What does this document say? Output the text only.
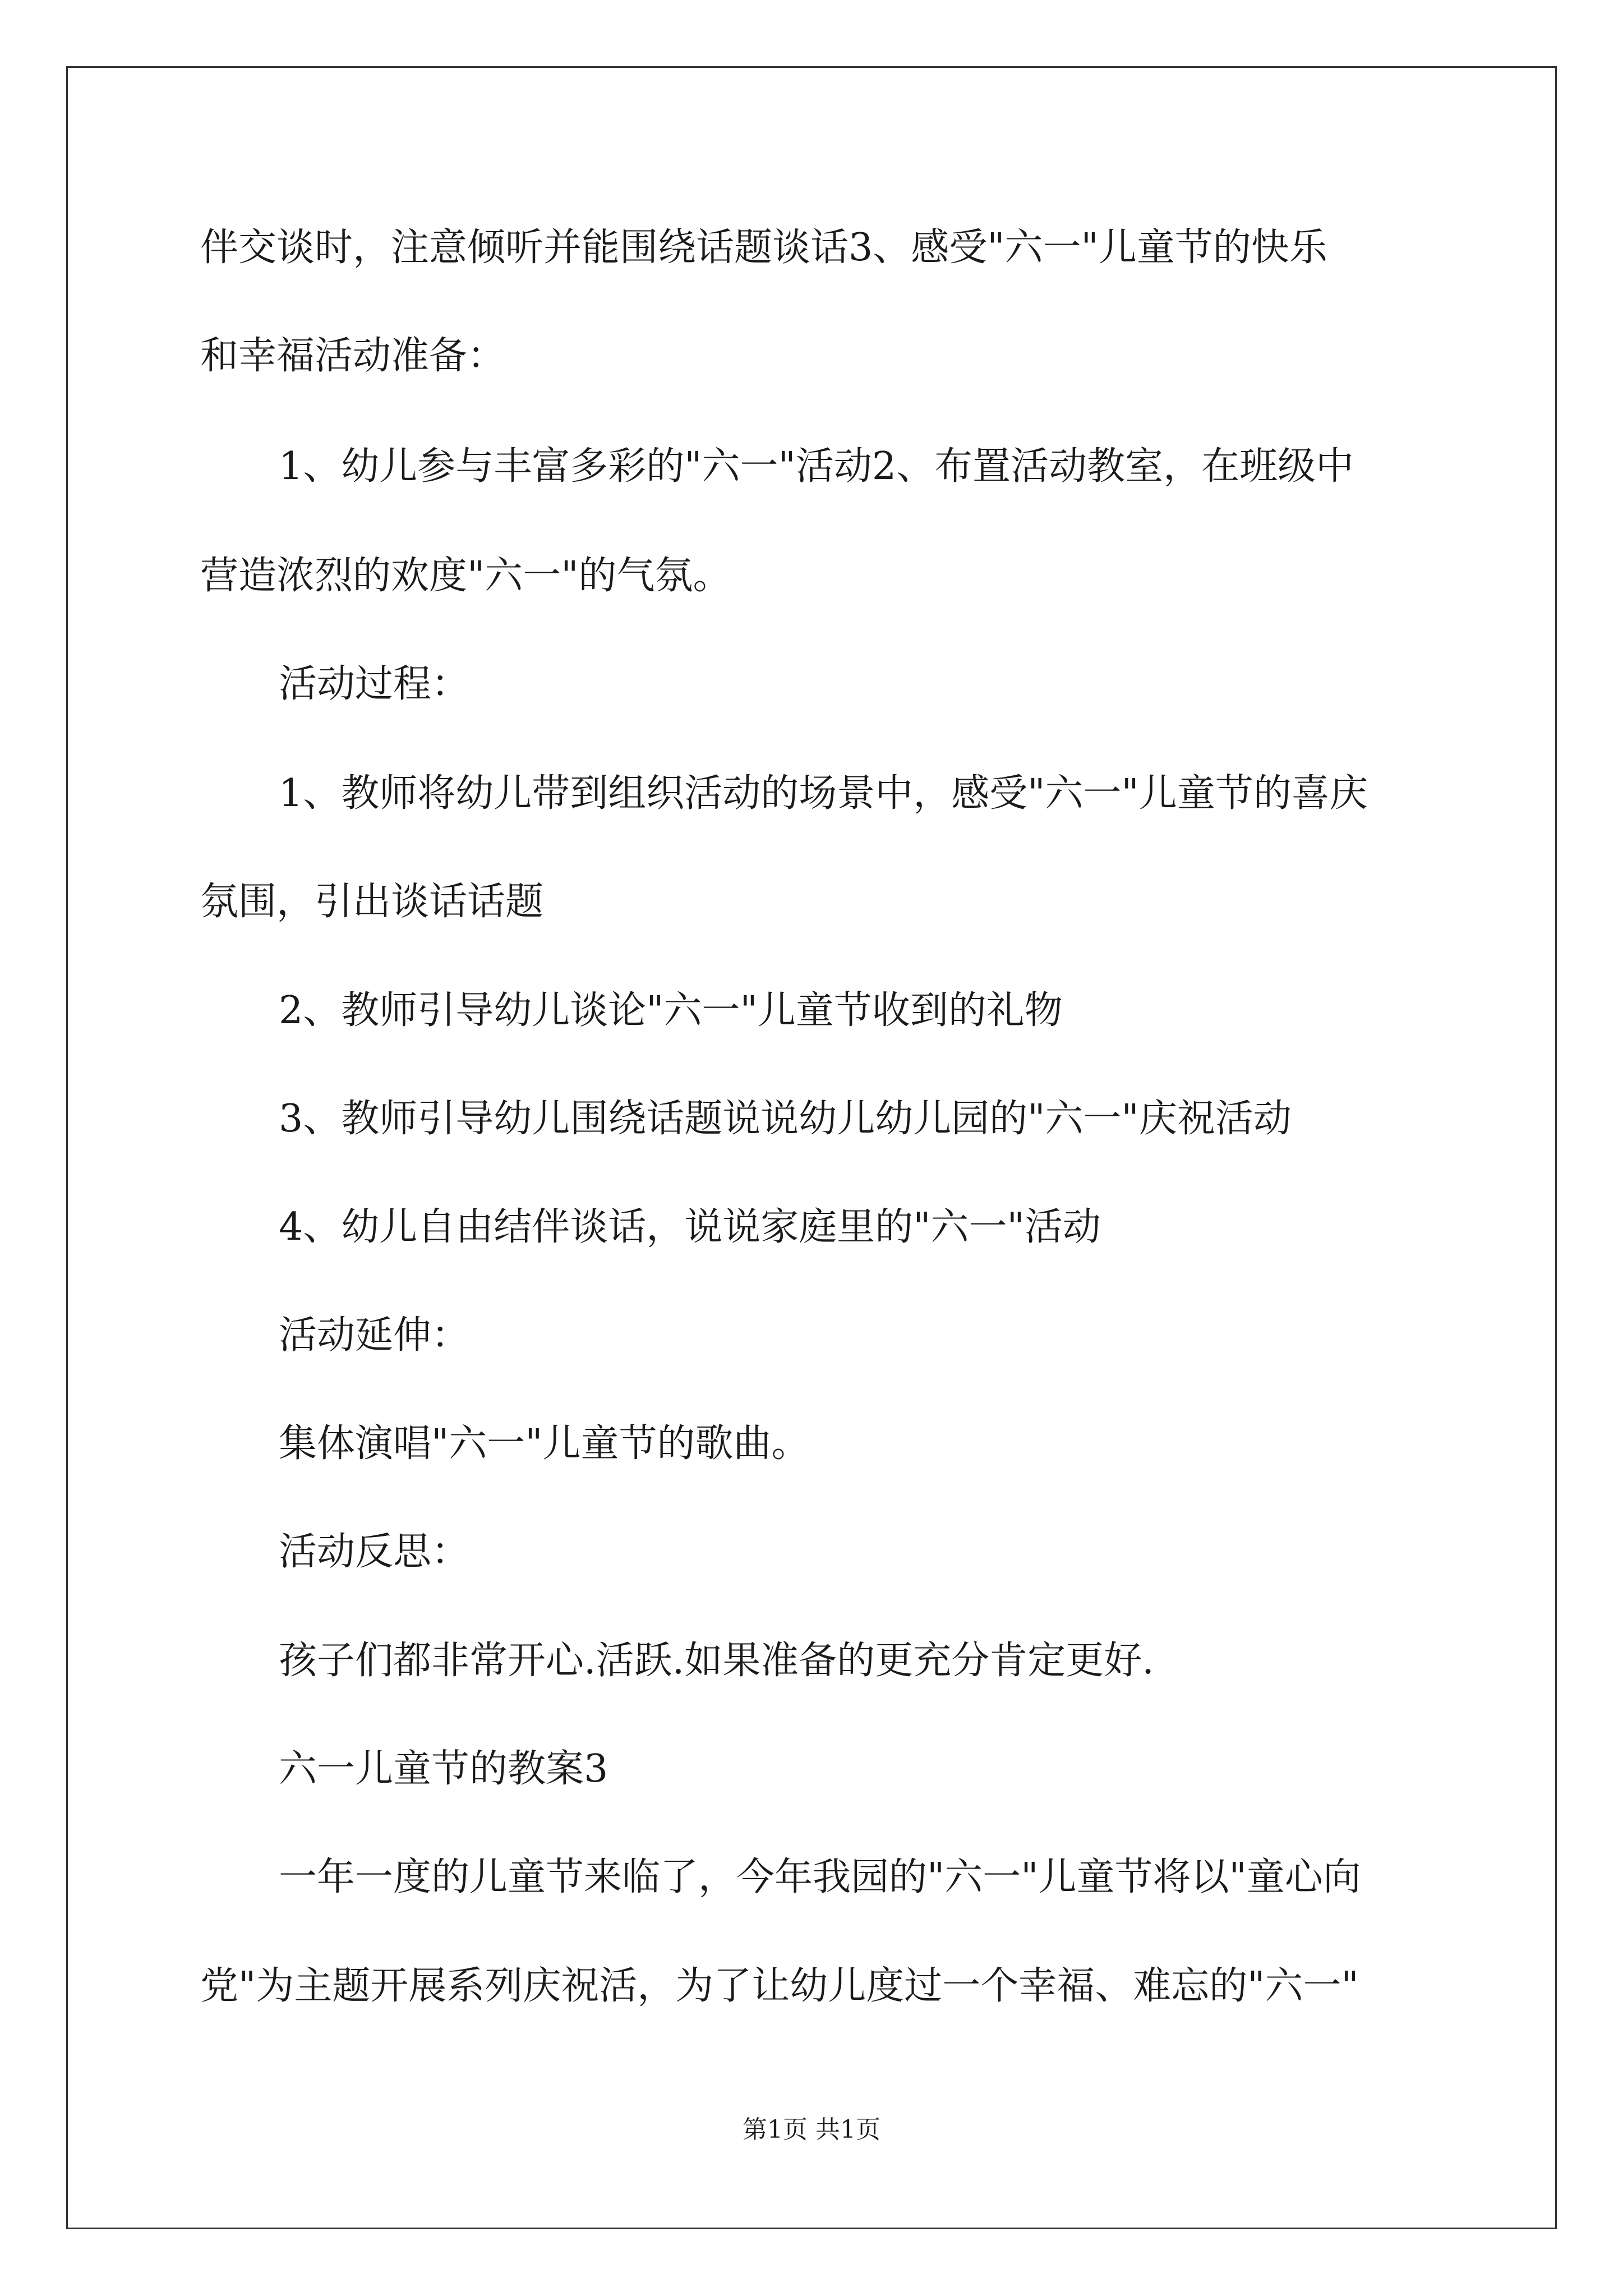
伴交谈时，注意倾听并能围绕话题谈话3、感受"六一"儿童节的快乐
和幸福活动准备：
1、幼儿参与丰富多彩的"六一"活动2、布置活动教室，在班级中
营造浓烈的欢度"六一"的气氛。
活动过程：
1、教师将幼儿带到组织活动的场景中，感受"六一"儿童节的喜庆
氛围，引出谈话话题
2、教师引导幼儿谈论"六一"儿童节收到的礼物
3、教师引导幼儿围绕话题说说幼儿幼儿园的"六一"庆祝活动
4、幼儿自由结伴谈话，说说家庭里的"六一"活动
活动延伸：
集体演唱"六一"儿童节的歌曲。
活动反思：
孩子们都非常开心.活跃.如果准备的更充分肯定更好.
六一儿童节的教案3
一年一度的儿童节来临了，今年我园的"六一"儿童节将以"童心向
党"为主题开展系列庆祝活，为了让幼儿度过一个幸福、难忘的"六一"
第1页 共1页
